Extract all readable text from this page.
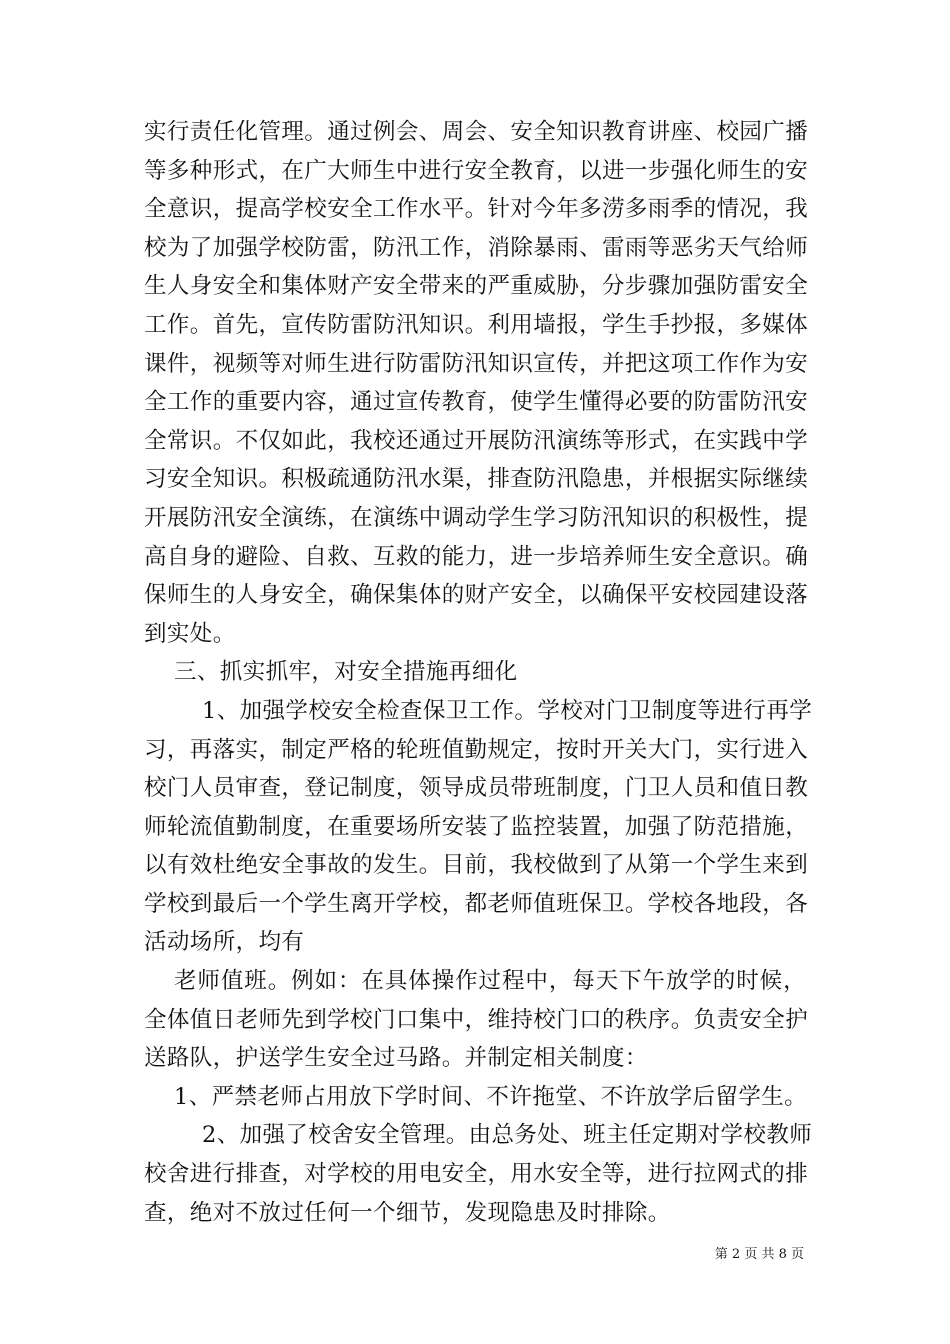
实行责任化管理。通过例会、周会、安全知识教育讲座、校园广播
等多种形式，在广大师生中进行安全教育，以进一步强化师生的安
全意识，提高学校安全工作水平。针对今年多涝多雨季的情况，我
校为了加强学校防雷，防汛工作，消除暴雨、雷雨等恶劣天气给师
生人身安全和集体财产安全带来的严重威胁，分步骤加强防雷安全
工作。首先，宣传防雷防汛知识。利用墙报，学生手抄报，多媒体
课件，视频等对师生进行防雷防汛知识宣传，并把这项工作作为安
全工作的重要内容，通过宣传教育，使学生懂得必要的防雷防汛安
全常识。不仅如此，我校还通过开展防汛演练等形式，在实践中学
习安全知识。积极疏通防汛水渠，排查防汛隐患，并根据实际继续
开展防汛安全演练，在演练中调动学生学习防汛知识的积极性，提
高自身的避险、自救、互救的能力，进一步培养师生安全意识。确
保师生的人身安全，确保集体的财产安全，以确保平安校园建设落
到实处。
三、抓实抓牢，对安全措施再细化
1、加强学校安全检查保卫工作。学校对门卫制度等进行再学
习，再落实，制定严格的轮班值勤规定，按时开关大门，实行进入
校门人员审查，登记制度，领导成员带班制度，门卫人员和值日教
师轮流值勤制度，在重要场所安装了监控装置，加强了防范措施，
以有效杜绝安全事故的发生。目前，我校做到了从第一个学生来到
学校到最后一个学生离开学校，都老师值班保卫。学校各地段，各
活动场所，均有
老师值班。例如：在具体操作过程中，每天下午放学的时候，
全体值日老师先到学校门口集中，维持校门口的秩序。负责安全护
送路队，护送学生安全过马路。并制定相关制度：
1、严禁老师占用放下学时间、不许拖堂、不许放学后留学生。
2、加强了校舍安全管理。由总务处、班主任定期对学校教师
校舍进行排查，对学校的用电安全，用水安全等，进行拉网式的排
查，绝对不放过任何一个细节，发现隐患及时排除。
第 2 页 共 8 页
